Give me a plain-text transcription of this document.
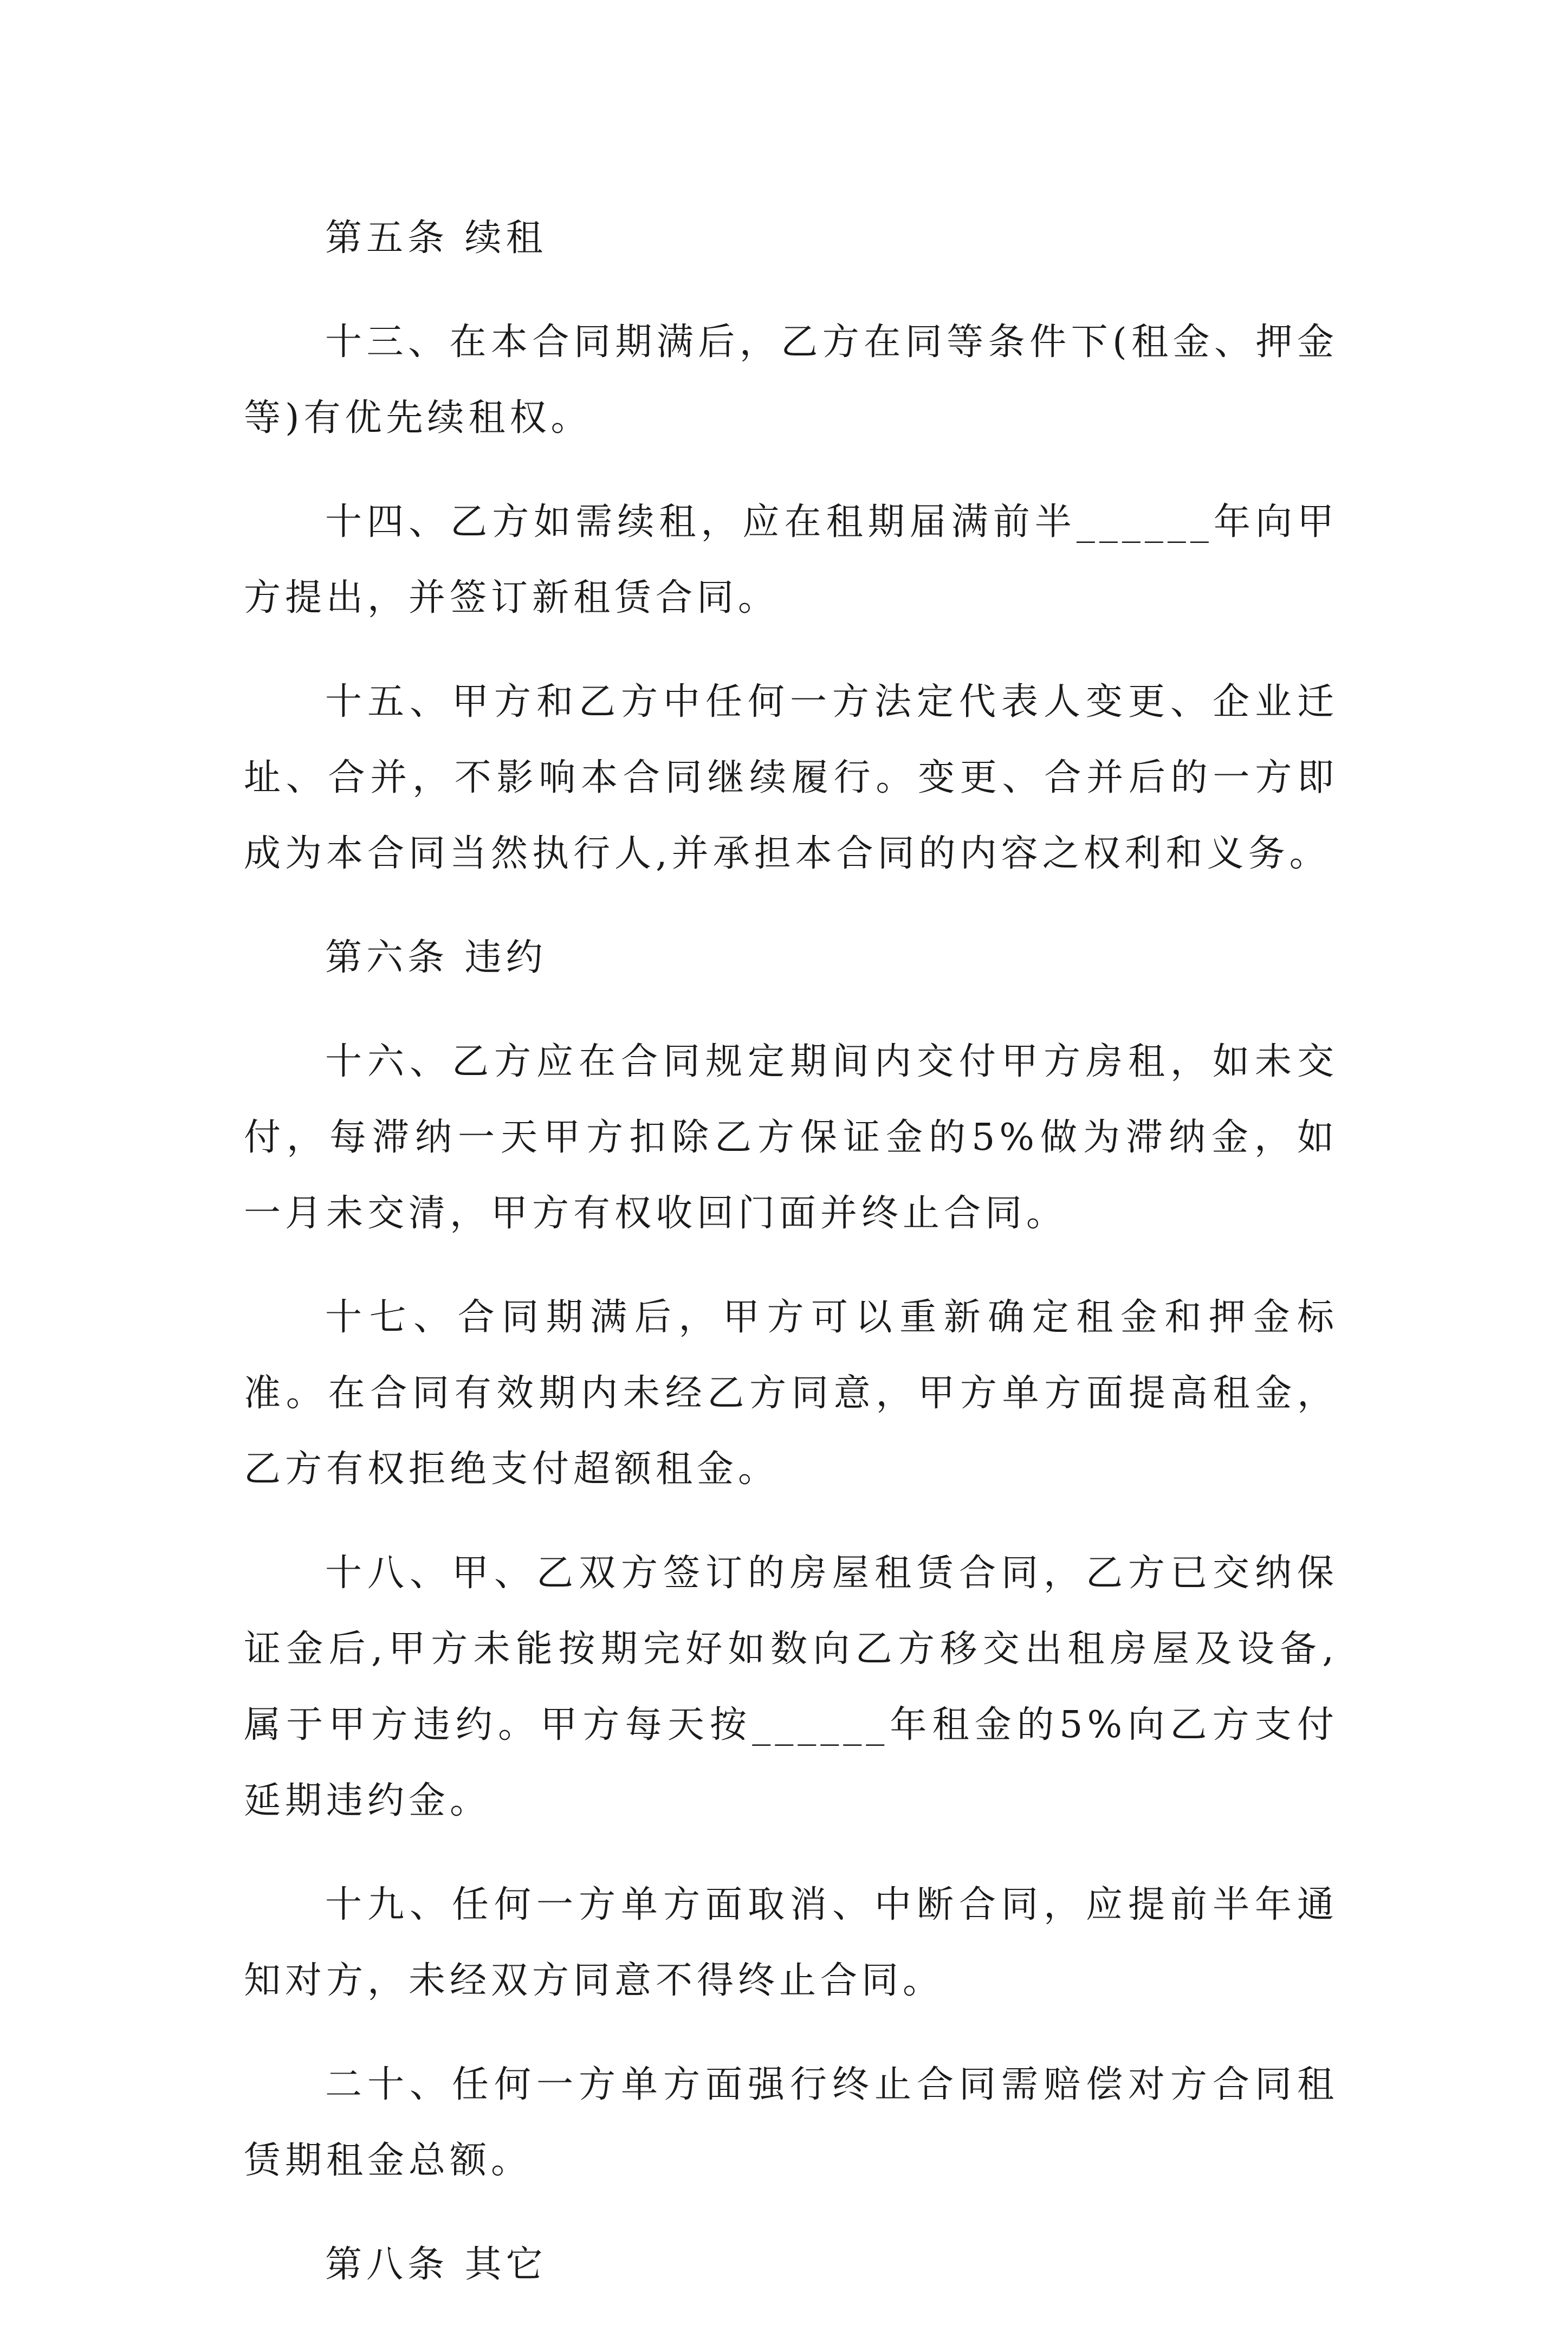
第五条 续租

十三、在本合同期满后，乙方在同等条件下(租金、押金等)有优先续租权。

十四、乙方如需续租，应在租期届满前半______年向甲方提出，并签订新租赁合同。

十五、甲方和乙方中任何一方法定代表人变更、企业迁址、合并，不影响本合同继续履行。变更、合并后的一方即成为本合同当然执行人,并承担本合同的内容之权利和义务。

第六条 违约

十六、乙方应在合同规定期间内交付甲方房租，如未交付，每滞纳一天甲方扣除乙方保证金的5%做为滞纳金，如一月未交清，甲方有权收回门面并终止合同。

十七、合同期满后，甲方可以重新确定租金和押金标准。在合同有效期内未经乙方同意，甲方单方面提高租金，乙方有权拒绝支付超额租金。

十八、甲、乙双方签订的房屋租赁合同，乙方已交纳保证金后,甲方未能按期完好如数向乙方移交出租房屋及设备,属于甲方违约。甲方每天按______年租金的5%向乙方支付延期违约金。

十九、任何一方单方面取消、中断合同，应提前半年通知对方，未经双方同意不得终止合同。

二十、任何一方单方面强行终止合同需赔偿对方合同租赁期租金总额。

第八条 其它
